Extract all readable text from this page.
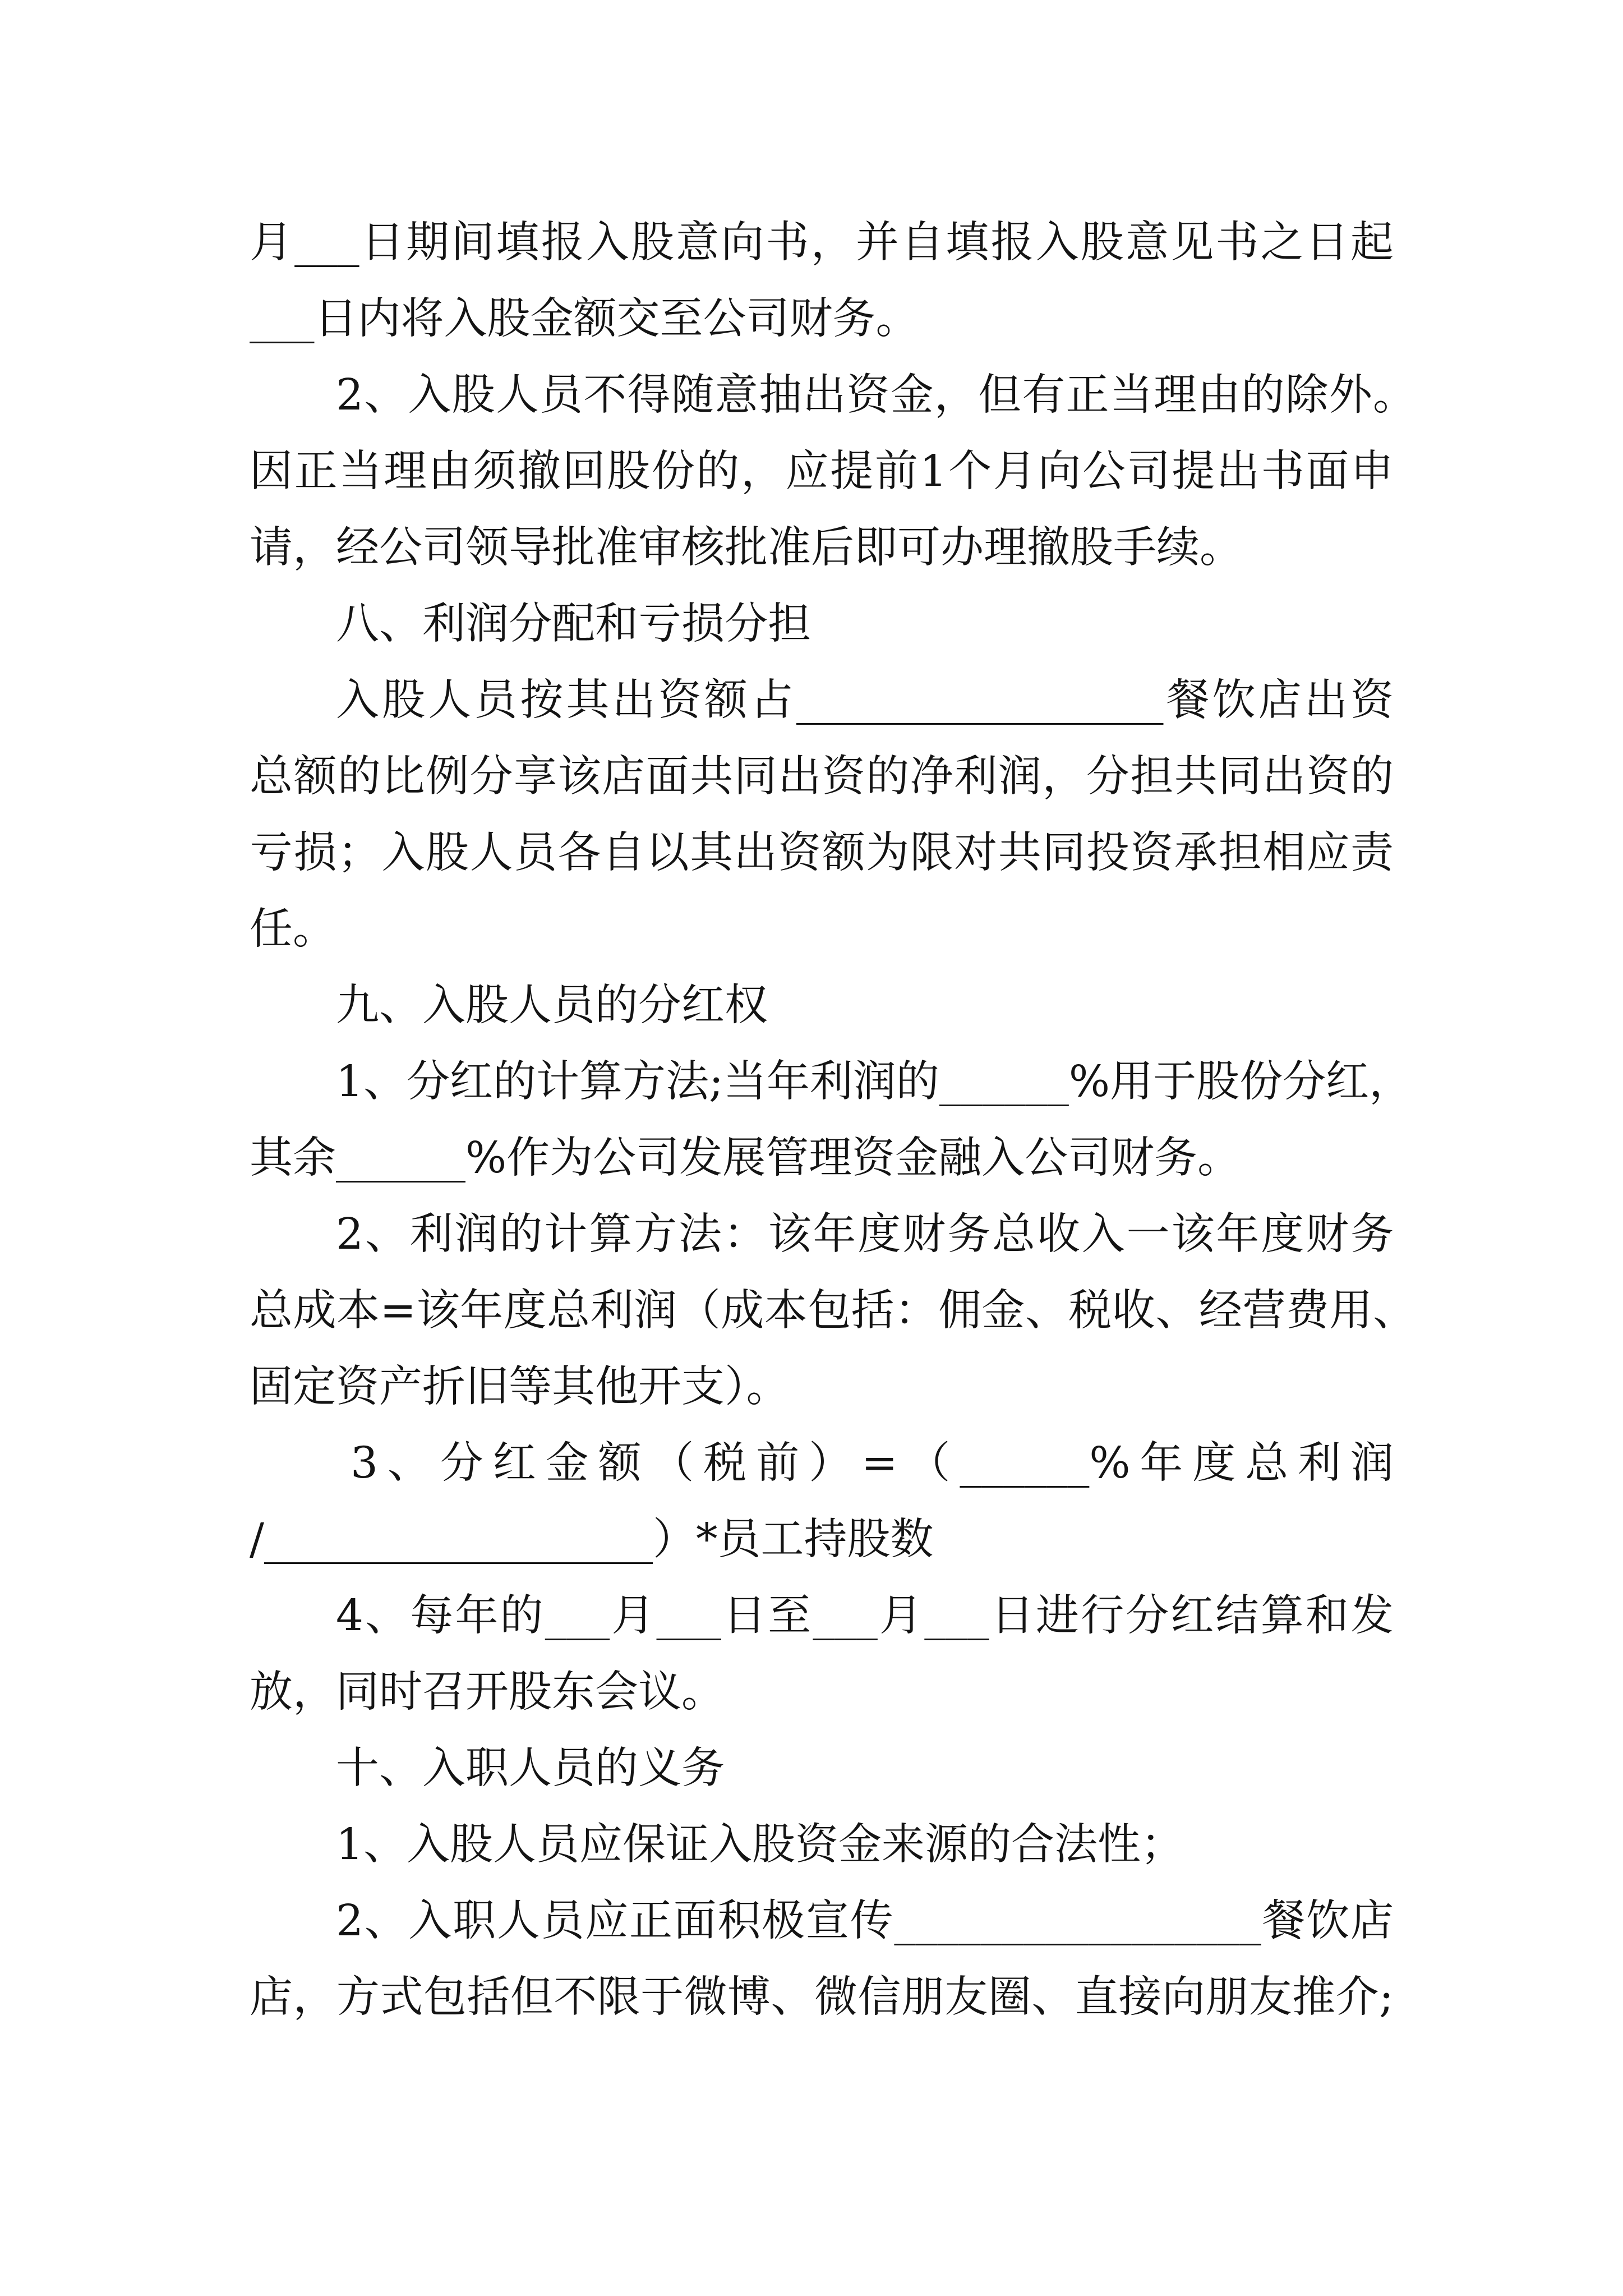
月___日期间填报入股意向书，并自填报入股意见书之日起
___日内将入股金额交至公司财务。
2、入股人员不得随意抽出资金，但有正当理由的除外。
因正当理由须撤回股份的，应提前1个月向公司提出书面申
请，经公司领导批准审核批准后即可办理撤股手续。
八、利润分配和亏损分担
入股人员按其出资额占_________________餐饮店出资
总额的比例分享该店面共同出资的净利润，分担共同出资的
亏损；入股人员各自以其出资额为限对共同投资承担相应责
任。
九、入股人员的分红权
1、分红的计算方法;当年利润的______%用于股份分红，
其余______%作为公司发展管理资金融入公司财务。
2、利润的计算方法：该年度财务总收入一该年度财务
总成本=该年度总利润（成本包括：佣金、税收、经营费用、
固定资产折旧等其他开支）。
3、分红金额（税前）=（______%年度总利润
/__________________）*员工持股数
4、每年的___月___日至___月___日进行分红结算和发
放，同时召开股东会议。
十、入职人员的义务
1、入股人员应保证入股资金来源的合法性；
2、入职人员应正面积极宣传_________________餐饮店
店，方式包括但不限于微博、微信朋友圈、直接向朋友推介;
